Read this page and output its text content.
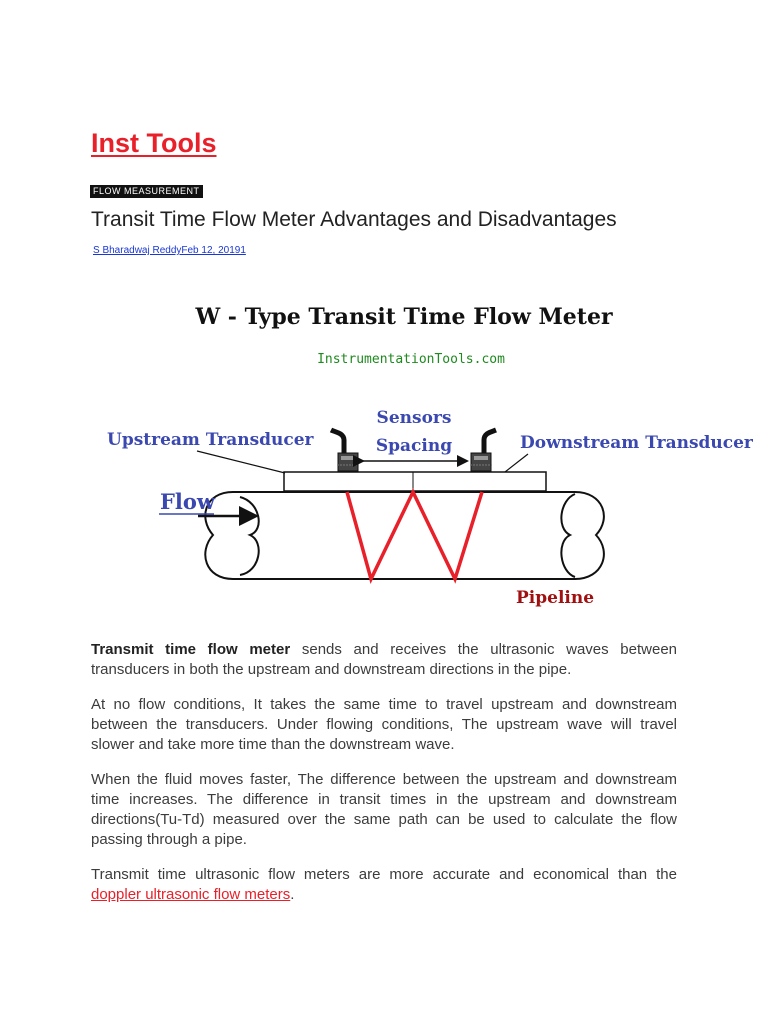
Inst Tools
FLOW MEASUREMENT
Transit Time Flow Meter Advantages and Disadvantages
S Bharadwaj ReddyFeb 12, 20191
W - Type Transit Time Flow Meter
InstrumentationTools.com
Upstream Transducer
Sensors
Spacing	Downstream Transducer
Flow
Pipeline

Transmit time flow meter sends and receives the ultrasonic waves between transducers in both the upstream and downstream directions in the pipe.

At no flow conditions, It takes the same time to travel upstream and downstream between the transducers. Under flowing conditions, The upstream wave will travel slower and take more time than the downstream wave.

When the fluid moves faster, The difference between the upstream and downstream time increases. The difference in transit times in the upstream and downstream directions(Tu-Td) measured over the same path can be used to calculate the flow passing through a pipe.

Transmit time ultrasonic flow meters are more accurate and economical than the doppler ultrasonic flow meters.
